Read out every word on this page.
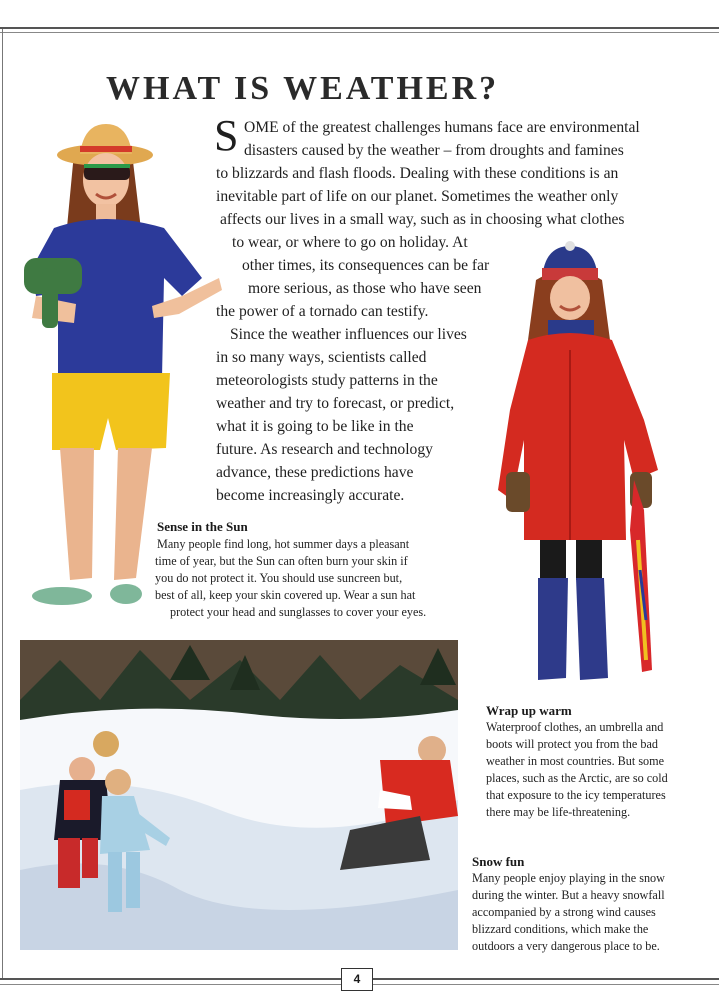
WHAT IS WEATHER?
S OME of the greatest challenges humans face are environmental

disasters caused by the weather – from droughts and famines

to blizzards and flash floods. Dealing with these conditions is an

inevitable part of life on our planet. Sometimes the weather only

affects our lives in a small way, such as in choosing what clothes

to wear, or where to go on holiday. At

other times, its consequences can be far

more serious, as those who have seen

the power of a tornado can testify.

Since the weather influences our lives

in so many ways, scientists called

meteorologists study patterns in the

weather and try to forecast, or predict,

what it is going to be like in the

future. As research and technology

advance, these predictions have

become increasingly accurate.

Sense in the Sun

Many people find long, hot summer days a pleasant

time of year, but the Sun can often burn your skin if

you do not protect it. You should use suncreen but,

best of all, keep your skin covered up. Wear a sun hat

protect your head and sunglasses to cover your eyes.

Wrap up warm

Waterproof clothes, an umbrella and

boots will protect you from the bad

weather in most countries. But some

places, such as the Arctic, are so cold

that exposure to the icy temperatures

there may be life-threatening.

Snow fun

Many people enjoy playing in the snow

during the winter. But a heavy snowfall

accompanied by a strong wind causes

blizzard conditions, which make the

outdoors a very dangerous place to be.

4
